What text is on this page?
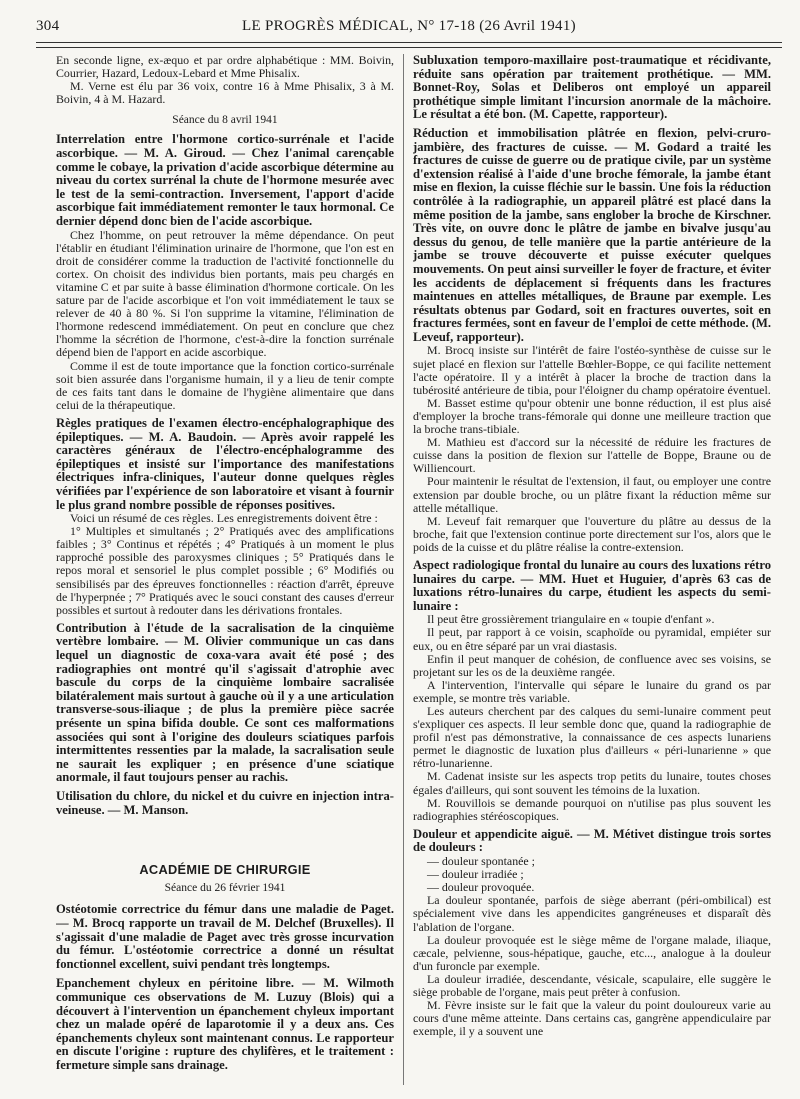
304	LE PROGRÈS MÉDICAL, N° 17-18 (26 Avril 1941)

En seconde ligne, ex-æquo et par ordre alphabétique : MM. Boivin, Courrier, Hazard, Ledoux-Lebard et Mme Phisalix.

M. Verne est élu par 36 voix, contre 16 à Mme Phisalix, 3 à M. Boivin, 4 à M. Hazard.

Séance du 8 avril 1941

Interrelation entre l'hormone cortico-surrénale et l'acide ascorbique. — M. A. Giroud. — Chez l'animal carençable comme le cobaye, la privation d'acide ascorbique détermine au niveau du cortex surrénal la chute de l'hormone mesurée avec le test de la semi-contraction. Inversement, l'apport d'acide ascorbique fait immédiatement remonter le taux hormonal. Ce dernier dépend donc bien de l'acide ascorbique.

Chez l'homme, on peut retrouver la même dépendance. On peut l'établir en étudiant l'élimination urinaire de l'hormone, que l'on est en droit de considérer comme la traduction de l'activité fonctionnelle du cortex. On choisit des individus bien portants, mais peu chargés en vitamine C et par suite à basse élimination d'hormone corticale. On les sature par de l'acide ascorbique et l'on voit immédiatement le taux se relever de 40 à 80 %. Si l'on supprime la vitamine, l'élimination de l'hormone redescend immédiatement. On peut en conclure que chez l'homme la sécrétion de l'hormone, c'est-à-dire la fonction surrénale dépend bien de l'apport en acide ascorbique.

Comme il est de toute importance que la fonction cortico-surrénale soit bien assurée dans l'organisme humain, il y a lieu de tenir compte de ces faits tant dans le domaine de l'hygiène alimentaire que dans celui de la thérapeutique.

Règles pratiques de l'examen électro-encéphalographique des épileptiques. — M. A. Baudoin. — Après avoir rappelé les caractères généraux de l'électro-encéphalogramme des épileptiques et insisté sur l'importance des manifestations électriques infra-cliniques, l'auteur donne quelques règles vérifiées par l'expérience de son laboratoire et visant à fournir le plus grand nombre possible de réponses positives.

Voici un résumé de ces règles. Les enregistrements doivent être :

1° Multiples et simultanés ; 2° Pratiqués avec des amplifications faibles ; 3° Continus et répétés ; 4° Pratiqués à un moment le plus rapproché possible des paroxysmes cliniques ; 5° Pratiqués dans le repos moral et sensoriel le plus complet possible ; 6° Modifiés ou sensibilisés par des épreuves fonctionnelles : réaction d'arrêt, épreuve de l'hyperpnée ; 7° Pratiqués avec le souci constant des causes d'erreur possibles et surtout à redouter dans les dérivations frontales.

Contribution à l'étude de la sacralisation de la cinquième vertèbre lombaire. — M. Olivier communique un cas dans lequel un diagnostic de coxa-vara avait été posé ; des radiographies ont montré qu'il s'agissait d'atrophie avec bascule du corps de la cinquième lombaire sacralisée bilatéralement mais surtout à gauche où il y a une articulation transverse-sous-iliaque ; de plus la première pièce sacrée présente un spina bifida double. Ce sont ces malformations associées qui sont à l'origine des douleurs sciatiques parfois intermittentes ressenties par la malade, la sacralisation seule ne saurait les expliquer ; en présence d'une sciatique anormale, il faut toujours penser au rachis.
Utilisation du chlore, du nickel et du cuivre en injection intra-veineuse. — M. Manson.
ACADÉMIE DE CHIRURGIE
Séance du 26 février 1941
Ostéotomie correctrice du fémur dans une maladie de Paget. — M. Brocq rapporte un travail de M. Delchef (Bruxelles). Il s'agissait d'une maladie de Paget avec très grosse incurvation du fémur. L'ostéotomie correctrice a donné un résultat fonctionnel excellent, suivi pendant très longtemps.
Epanchement chyleux en péritoine libre. — M. Wilmoth communique ces observations de M. Luzuy (Blois) qui a découvert à l'intervention un épanchement chyleux important chez un malade opéré de laparotomie il y a deux ans. Ces épanchements chyleux sont maintenant connus. Le rapporteur en discute l'origine : rupture des chylifères, et le traitement : fermeture simple sans drainage.
Subluxation temporo-maxillaire post-traumatique et récidivante, réduite sans opération par traitement prothétique. — MM. Bonnet-Roy, Solas et Deliberos ont employé un appareil prothétique simple limitant l'incursion anormale de la mâchoire. Le résultat a été bon. (M. Capette, rapporteur).
Réduction et immobilisation plâtrée en flexion, pelvi-cruro-jambière, des fractures de cuisse. — M. Godard a traité les fractures de cuisse de guerre ou de pratique civile, par un système d'extension réalisé à l'aide d'une broche fémorale, la jambe étant mise en flexion, la cuisse fléchie sur le bassin. Une fois la réduction contrôlée à la radiographie, un appareil plâtré est placé dans la même position de la jambe, sans englober la broche de Kirschner. Très vite, on ouvre donc le plâtre de jambe en bivalve jusqu'au dessus du genou, de telle manière que la partie antérieure de la jambe se trouve découverte et puisse exécuter quelques mouvements. On peut ainsi surveiller le foyer de fracture, et éviter les accidents de déplacement si fréquents dans les fractures maintenues en attelles métalliques, de Braune par exemple. Les résultats obtenus par Godard, soit en fractures ouvertes, soit en fractures fermées, sont en faveur de l'emploi de cette méthode. (M. Leveuf, rapporteur).

M. Brocq insiste sur l'intérêt de faire l'ostéo-synthèse de cuisse sur le sujet placé en flexion sur l'attelle Bœhler-Boppe, ce qui facilite nettement l'acte opératoire. Il y a intérêt à placer la broche de traction dans la tubérosité antérieure de tibia, pour l'éloigner du champ opératoire éventuel.

M. Basset estime qu'pour obtenir une bonne réduction, il est plus aisé d'employer la broche trans-fémorale qui donne une meilleure traction que la broche trans-tibiale.

M. Mathieu est d'accord sur la nécessité de réduire les fractures de cuisse dans la position de flexion sur l'attelle de Boppe, Braune ou de Williencourt.

Pour maintenir le résultat de l'extension, il faut, ou employer une contre extension par double broche, ou un plâtre fixant la réduction même sur attelle métallique.

M. Leveuf fait remarquer que l'ouverture du plâtre au dessus de la broche, fait que l'extension continue porte directement sur l'os, alors que le poids de la cuisse et du plâtre réalise la contre-extension.

Aspect radiologique frontal du lunaire au cours des luxations rétro lunaires du carpe. — MM. Huet et Huguier, d'après 63 cas de luxations rétro-lunaires du carpe, étudient les aspects du semi-lunaire :

Il peut être grossièrement triangulaire en « toupie d'enfant ».

Il peut, par rapport à ce voisin, scaphoïde ou pyramidal, empiéter sur eux, ou en être séparé par un vrai diastasis.

Enfin il peut manquer de cohésion, de confluence avec ses voisins, se projetant sur les os de la deuxième rangée.

A l'intervention, l'intervalle qui sépare le lunaire du grand os par exemple, se montre très variable.

Les auteurs cherchent par des calques du semi-lunaire comment peut s'expliquer ces aspects. Il leur semble donc que, quand la radiographie de profil n'est pas démonstrative, la connaissance de ces aspects lunariens permet le diagnostic de luxation plus d'ailleurs « péri-lunarienne » que rétro-lunarienne.

M. Cadenat insiste sur les aspects trop petits du lunaire, toutes choses égales d'ailleurs, qui sont souvent les témoins de la luxation.

M. Rouvillois se demande pourquoi on n'utilise pas plus souvent les radiographies stéréoscopiques.

Douleur et appendicite aiguë. — M. Métivet distingue trois sortes de douleurs :

— douleur spontanée ;

— douleur irradiée ;

— douleur provoquée.

La douleur spontanée, parfois de siège aberrant (péri-ombilical) est spécialement vive dans les appendicites gangréneuses et disparaît dès l'ablation de l'organe.

La douleur provoquée est le siège même de l'organe malade, iliaque, cæcale, pelvienne, sous-hépatique, gauche, etc..., analogue à la douleur d'un furoncle par exemple.

La douleur irradiée, descendante, vésicale, scapulaire, elle suggère le siège probable de l'organe, mais peut prêter à confusion.

M. Fèvre insiste sur le fait que la valeur du point douloureux varie au cours d'une même atteinte. Dans certains cas, gangrène appendiculaire par exemple, il y a souvent une
